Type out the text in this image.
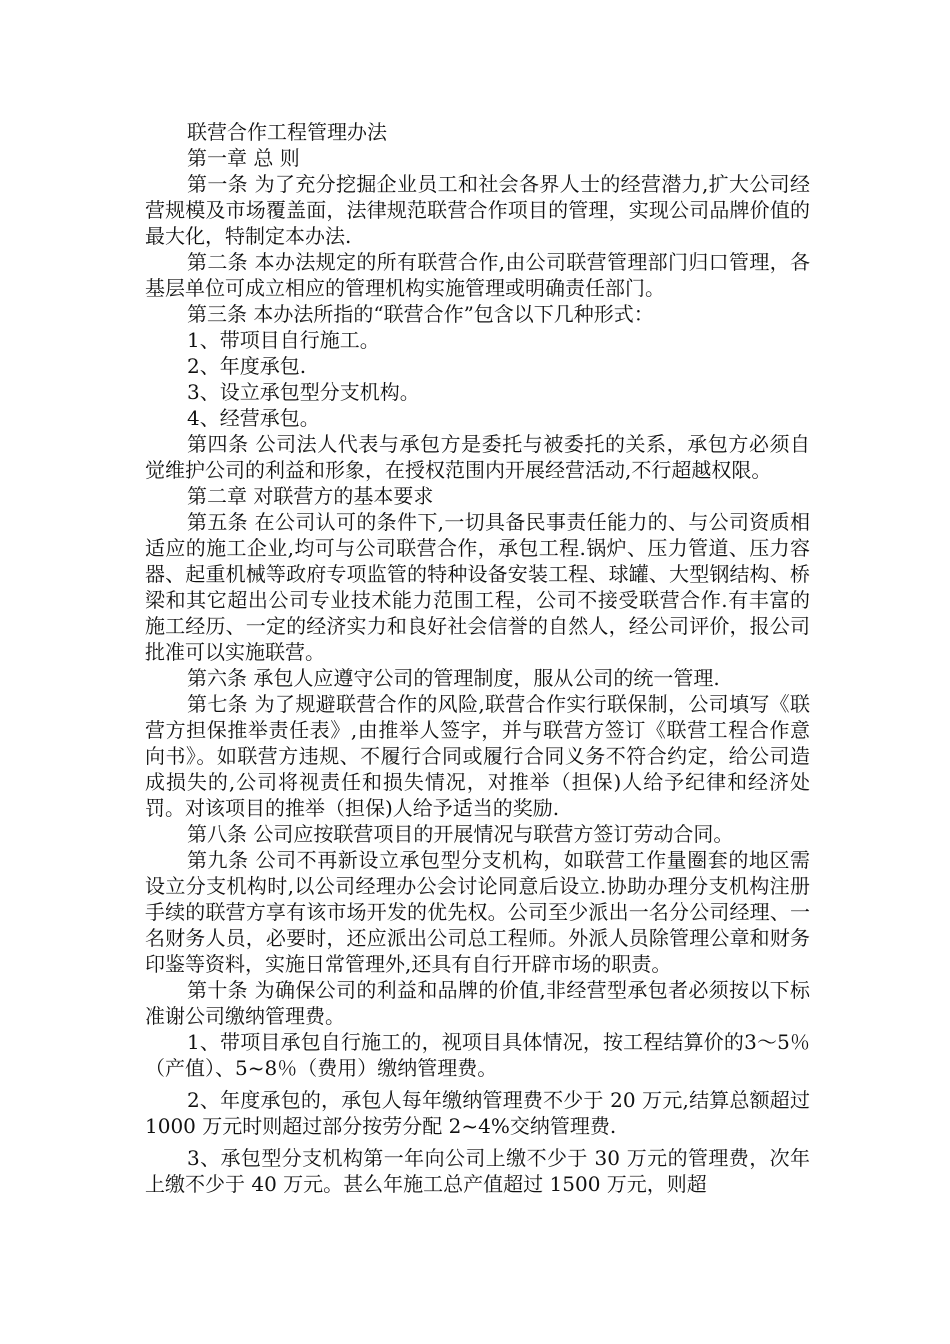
联营合作工程管理办法

第一章 总 则

第一条 为了充分挖掘企业员工和社会各界人士的经营潜力,扩大公司经营规模及市场覆盖面，法律规范联营合作项目的管理，实现公司品牌价值的最大化，特制定本办法.

第二条 本办法规定的所有联营合作,由公司联营管理部门归口管理，各基层单位可成立相应的管理机构实施管理或明确责任部门。

第三条 本办法所指的“联营合作”包含以下几种形式：

1、带项目自行施工。

2、年度承包.

3、设立承包型分支机构。

4、经营承包。

第四条 公司法人代表与承包方是委托与被委托的关系，承包方必须自觉维护公司的利益和形象，在授权范围内开展经营活动,不行超越权限。

第二章 对联营方的基本要求

第五条 在公司认可的条件下,一切具备民事责任能力的、与公司资质相适应的施工企业,均可与公司联营合作，承包工程.锅炉、压力管道、压力容器、起重机械等政府专项监管的特种设备安装工程、球罐、大型钢结构、桥梁和其它超出公司专业技术能力范围工程，公司不接受联营合作.有丰富的施工经历、一定的经济实力和良好社会信誉的自然人，经公司评价，报公司批准可以实施联营。

第六条 承包人应遵守公司的管理制度，服从公司的统一管理.

第七条 为了规避联营合作的风险,联营合作实行联保制，公司填写《联营方担保推举责任表》,由推举人签字，并与联营方签订《联营工程合作意向书》。如联营方违规、不履行合同或履行合同义务不符合约定，给公司造成损失的,公司将视责任和损失情况，对推举（担保)人给予纪律和经济处罚。对该项目的推举（担保)人给予适当的奖励.

第八条 公司应按联营项目的开展情况与联营方签订劳动合同。

第九条 公司不再新设立承包型分支机构，如联营工作量圈套的地区需设立分支机构时,以公司经理办公会讨论同意后设立.协助办理分支机构注册手续的联营方享有该市场开发的优先权。公司至少派出一名分公司经理、一名财务人员，必要时，还应派出公司总工程师。外派人员除管理公章和财务印鉴等资料，实施日常管理外,还具有自行开辟市场的职责。

第十条 为确保公司的利益和品牌的价值,非经营型承包者必须按以下标准谢公司缴纳管理费。

1、带项目承包自行施工的，视项目具体情况，按工程结算价的3～5％（产值）、5~8％（费用）缴纳管理费。

2、年度承包的，承包人每年缴纳管理费不少于 20 万元,结算总额超过 1000 万元时则超过部分按劳分配 2~4%交纳管理费.

3、承包型分支机构第一年向公司上缴不少于 30 万元的管理费，次年上缴不少于 40 万元。甚么年施工总产值超过 1500 万元，则超
